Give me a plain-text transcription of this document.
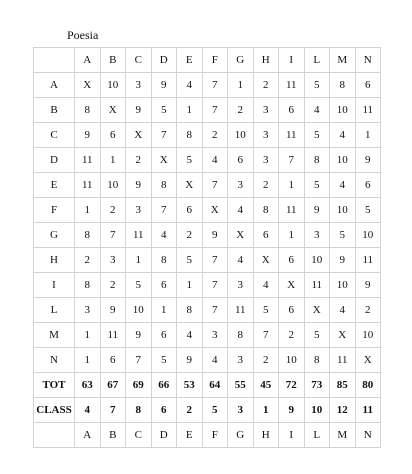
Poesia
	A	B	C	D	E	F	G	H	I	L	M	N
A	X	10	3	9	4	7	1	2	11	5	8	6
B	8	X	9	5	1	7	2	3	6	4	10	11
C	9	6	X	7	8	2	10	3	11	5	4	1
D	11	1	2	X	5	4	6	3	7	8	10	9
E	11	10	9	8	X	7	3	2	1	5	4	6
F	1	2	3	7	6	X	4	8	11	9	10	5
G	8	7	11	4	2	9	X	6	1	3	5	10
H	2	3	1	8	5	7	4	X	6	10	9	11
I	8	2	5	6	1	7	3	4	X	11	10	9
L	3	9	10	1	8	7	11	5	6	X	4	2
M	1	11	9	6	4	3	8	7	2	5	X	10
N	1	6	7	5	9	4	3	2	10	8	11	X
TOT	63	67	69	66	53	64	55	45	72	73	85	80
CLASS	4	7	8	6	2	5	3	1	9	10	12	11
	A	B	C	D	E	F	G	H	I	L	M	N
